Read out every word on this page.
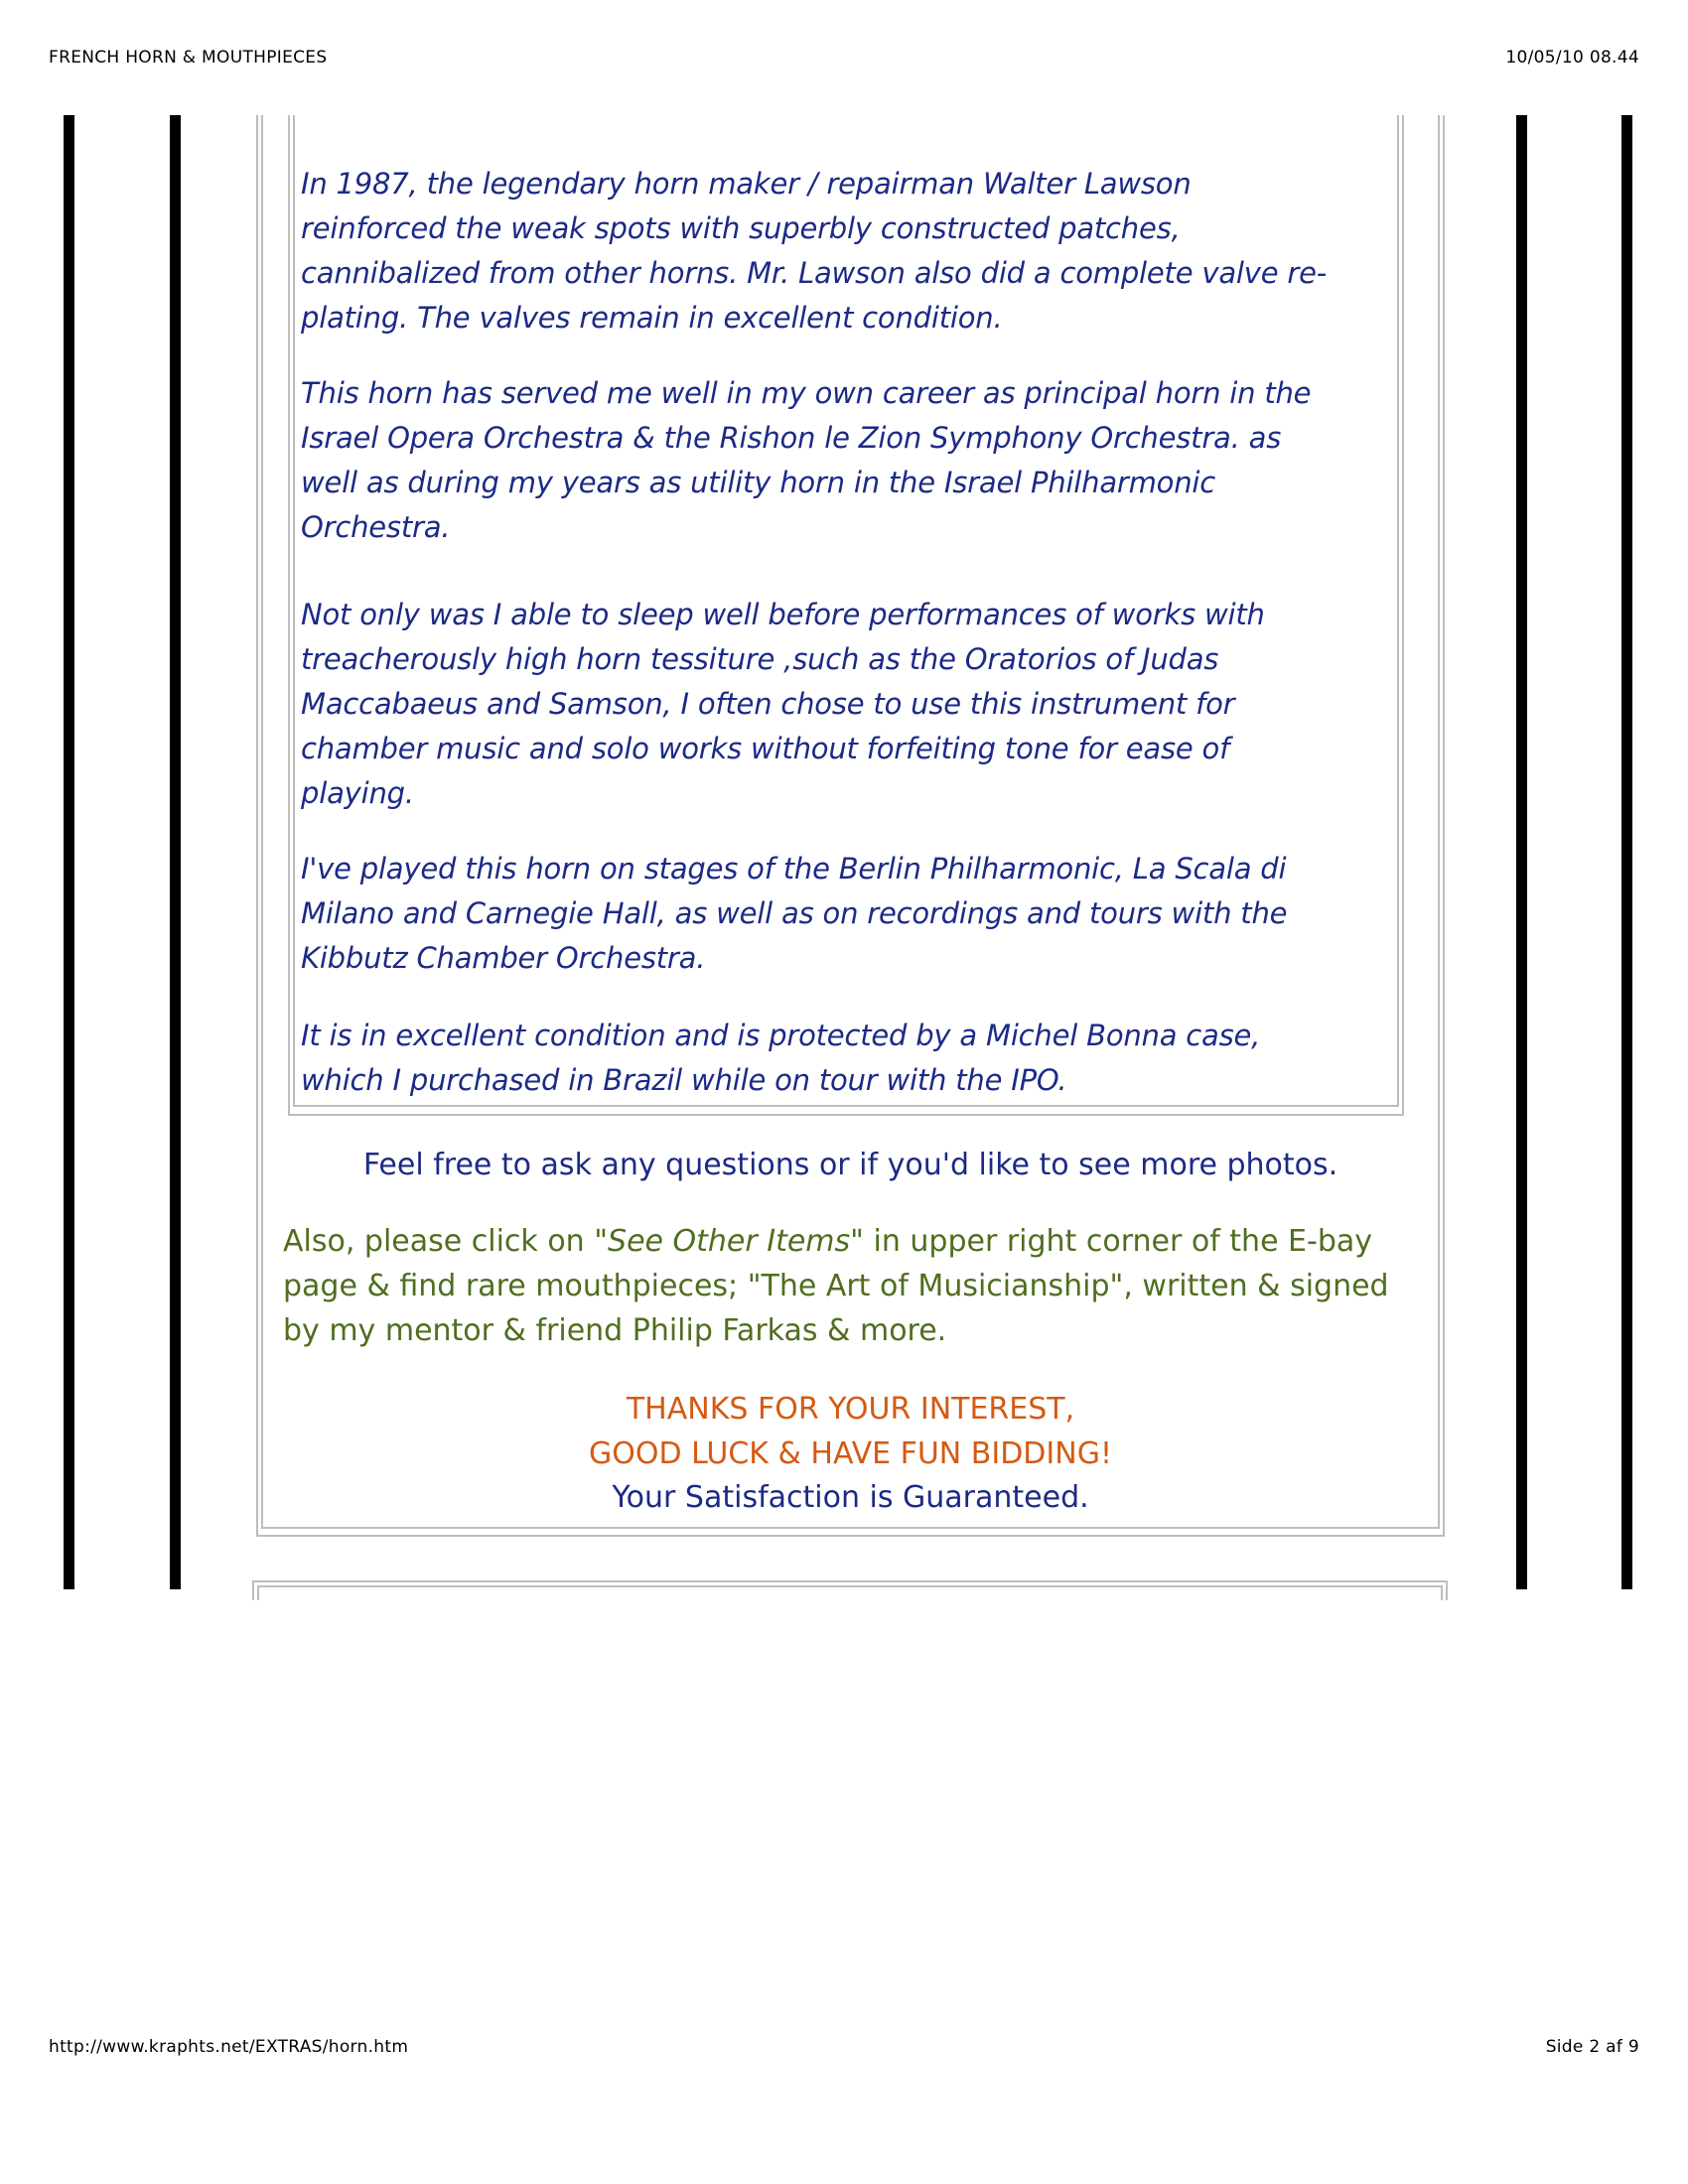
FRENCH HORN & MOUTHPIECES	10/05/10 08.44
http://www.kraphts.net/EXTRAS/horn.htm	Side 2 af 9
In 1987, the legendary horn maker / repairman Walter Lawson
reinforced the weak spots with superbly constructed patches,
cannibalized from other horns. Mr. Lawson also did a complete valve re-
plating. The valves remain in excellent condition.
This horn has served me well in my own career as principal horn in the
Israel Opera Orchestra & the Rishon le Zion Symphony Orchestra. as
well as during my years as utility horn in the Israel Philharmonic
Orchestra.
Not only was I able to sleep well before performances of works with
treacherously high horn tessiture ,such as the Oratorios of Judas
Maccabaeus and Samson, I often chose to use this instrument for
chamber music and solo works without forfeiting tone for ease of
playing.
I've played this horn on stages of the Berlin Philharmonic, La Scala di
Milano and Carnegie Hall, as well as on recordings and tours with the
Kibbutz Chamber Orchestra.
It is in excellent condition and is protected by a Michel Bonna case,
which I purchased in Brazil while on tour with the IPO.
Feel free to ask any questions or if you'd like to see more photos.
Also, please click on "See Other Items" in upper right corner of the E-bay
page & find rare mouthpieces; "The Art of Musicianship", written & signed
by my mentor & friend Philip Farkas & more.
THANKS FOR YOUR INTEREST,
GOOD LUCK & HAVE FUN BIDDING!
Your Satisfaction is Guaranteed.
